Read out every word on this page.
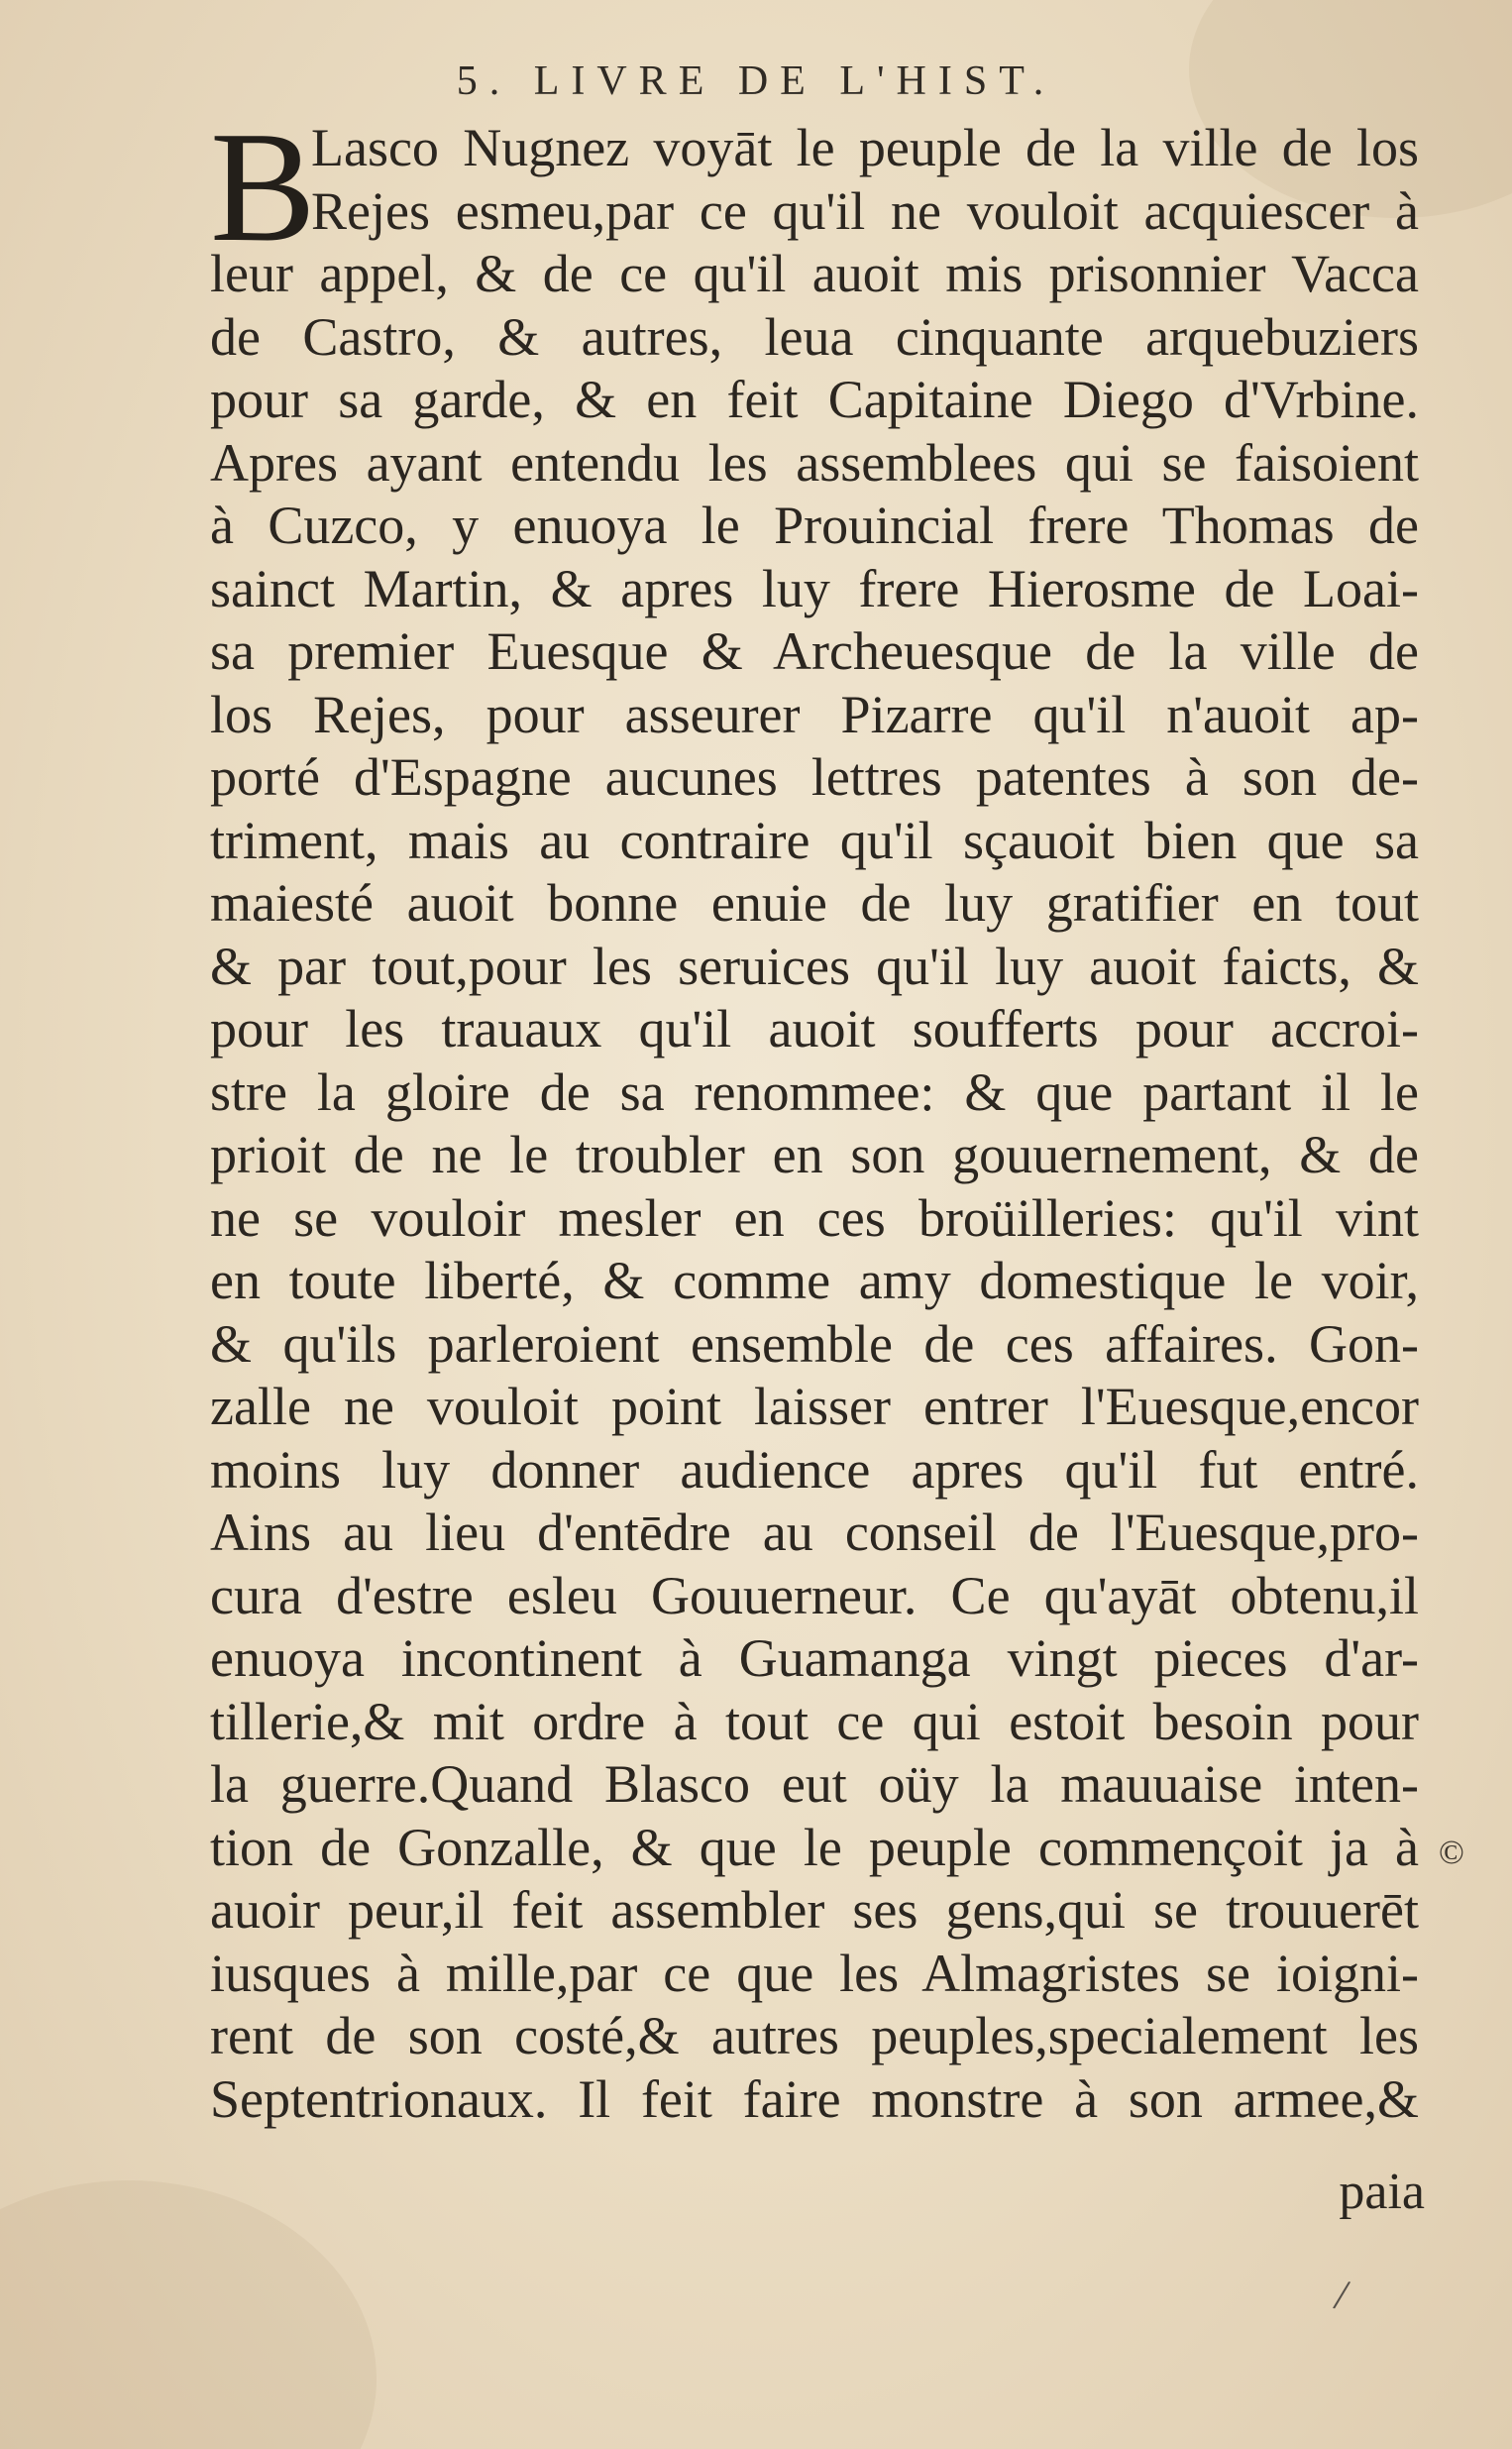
5. LIVRE DE L'HIST.
B
Lasco Nugnez voyāt le peuple de la ville de los
Rejes esmeu,par ce qu'il ne vouloit acquiescer à
leur appel, & de ce qu'il auoit mis prisonnier Vacca
de Castro, & autres, leua cinquante arquebuziers
pour sa garde, & en feit Capitaine Diego d'Vrbine.
Apres ayant entendu les assemblees qui se faisoient
à Cuzco, y enuoya le Prouincial frere Thomas de
sainct Martin, & apres luy frere Hierosme de Loai-
sa premier Euesque & Archeuesque de la ville de
los Rejes, pour asseurer Pizarre qu'il n'auoit ap-
porté d'Espagne aucunes lettres patentes à son de-
triment, mais au contraire qu'il sçauoit bien que sa
maiesté auoit bonne enuie de luy gratifier en tout
& par tout,pour les seruices qu'il luy auoit faicts, &
pour les trauaux qu'il auoit soufferts pour accroi-
stre la gloire de sa renommee: & que partant il le
prioit de ne le troubler en son gouuernement, & de
ne se vouloir mesler en ces broüilleries: qu'il vint
en toute liberté, & comme amy domestique le voir,
& qu'ils parleroient ensemble de ces affaires. Gon-
zalle ne vouloit point laisser entrer l'Euesque,encor
moins luy donner audience apres qu'il fut entré.
Ains au lieu d'entēdre au conseil de l'Euesque,pro-
cura d'estre esleu Gouuerneur. Ce qu'ayāt obtenu,il
enuoya incontinent à Guamanga vingt pieces d'ar-
tillerie,& mit ordre à tout ce qui estoit besoin pour
la guerre.Quand Blasco eut oüy la mauuaise inten-
tion de Gonzalle, & que le peuple commençoit ja à
auoir peur,il feit assembler ses gens,qui se trouuerēt
iusques à mille,par ce que les Almagristes se ioigni-
rent de son costé,& autres peuples,specialement les
Septentrionaux. Il feit faire monstre à son armee,&
©
paia
/
